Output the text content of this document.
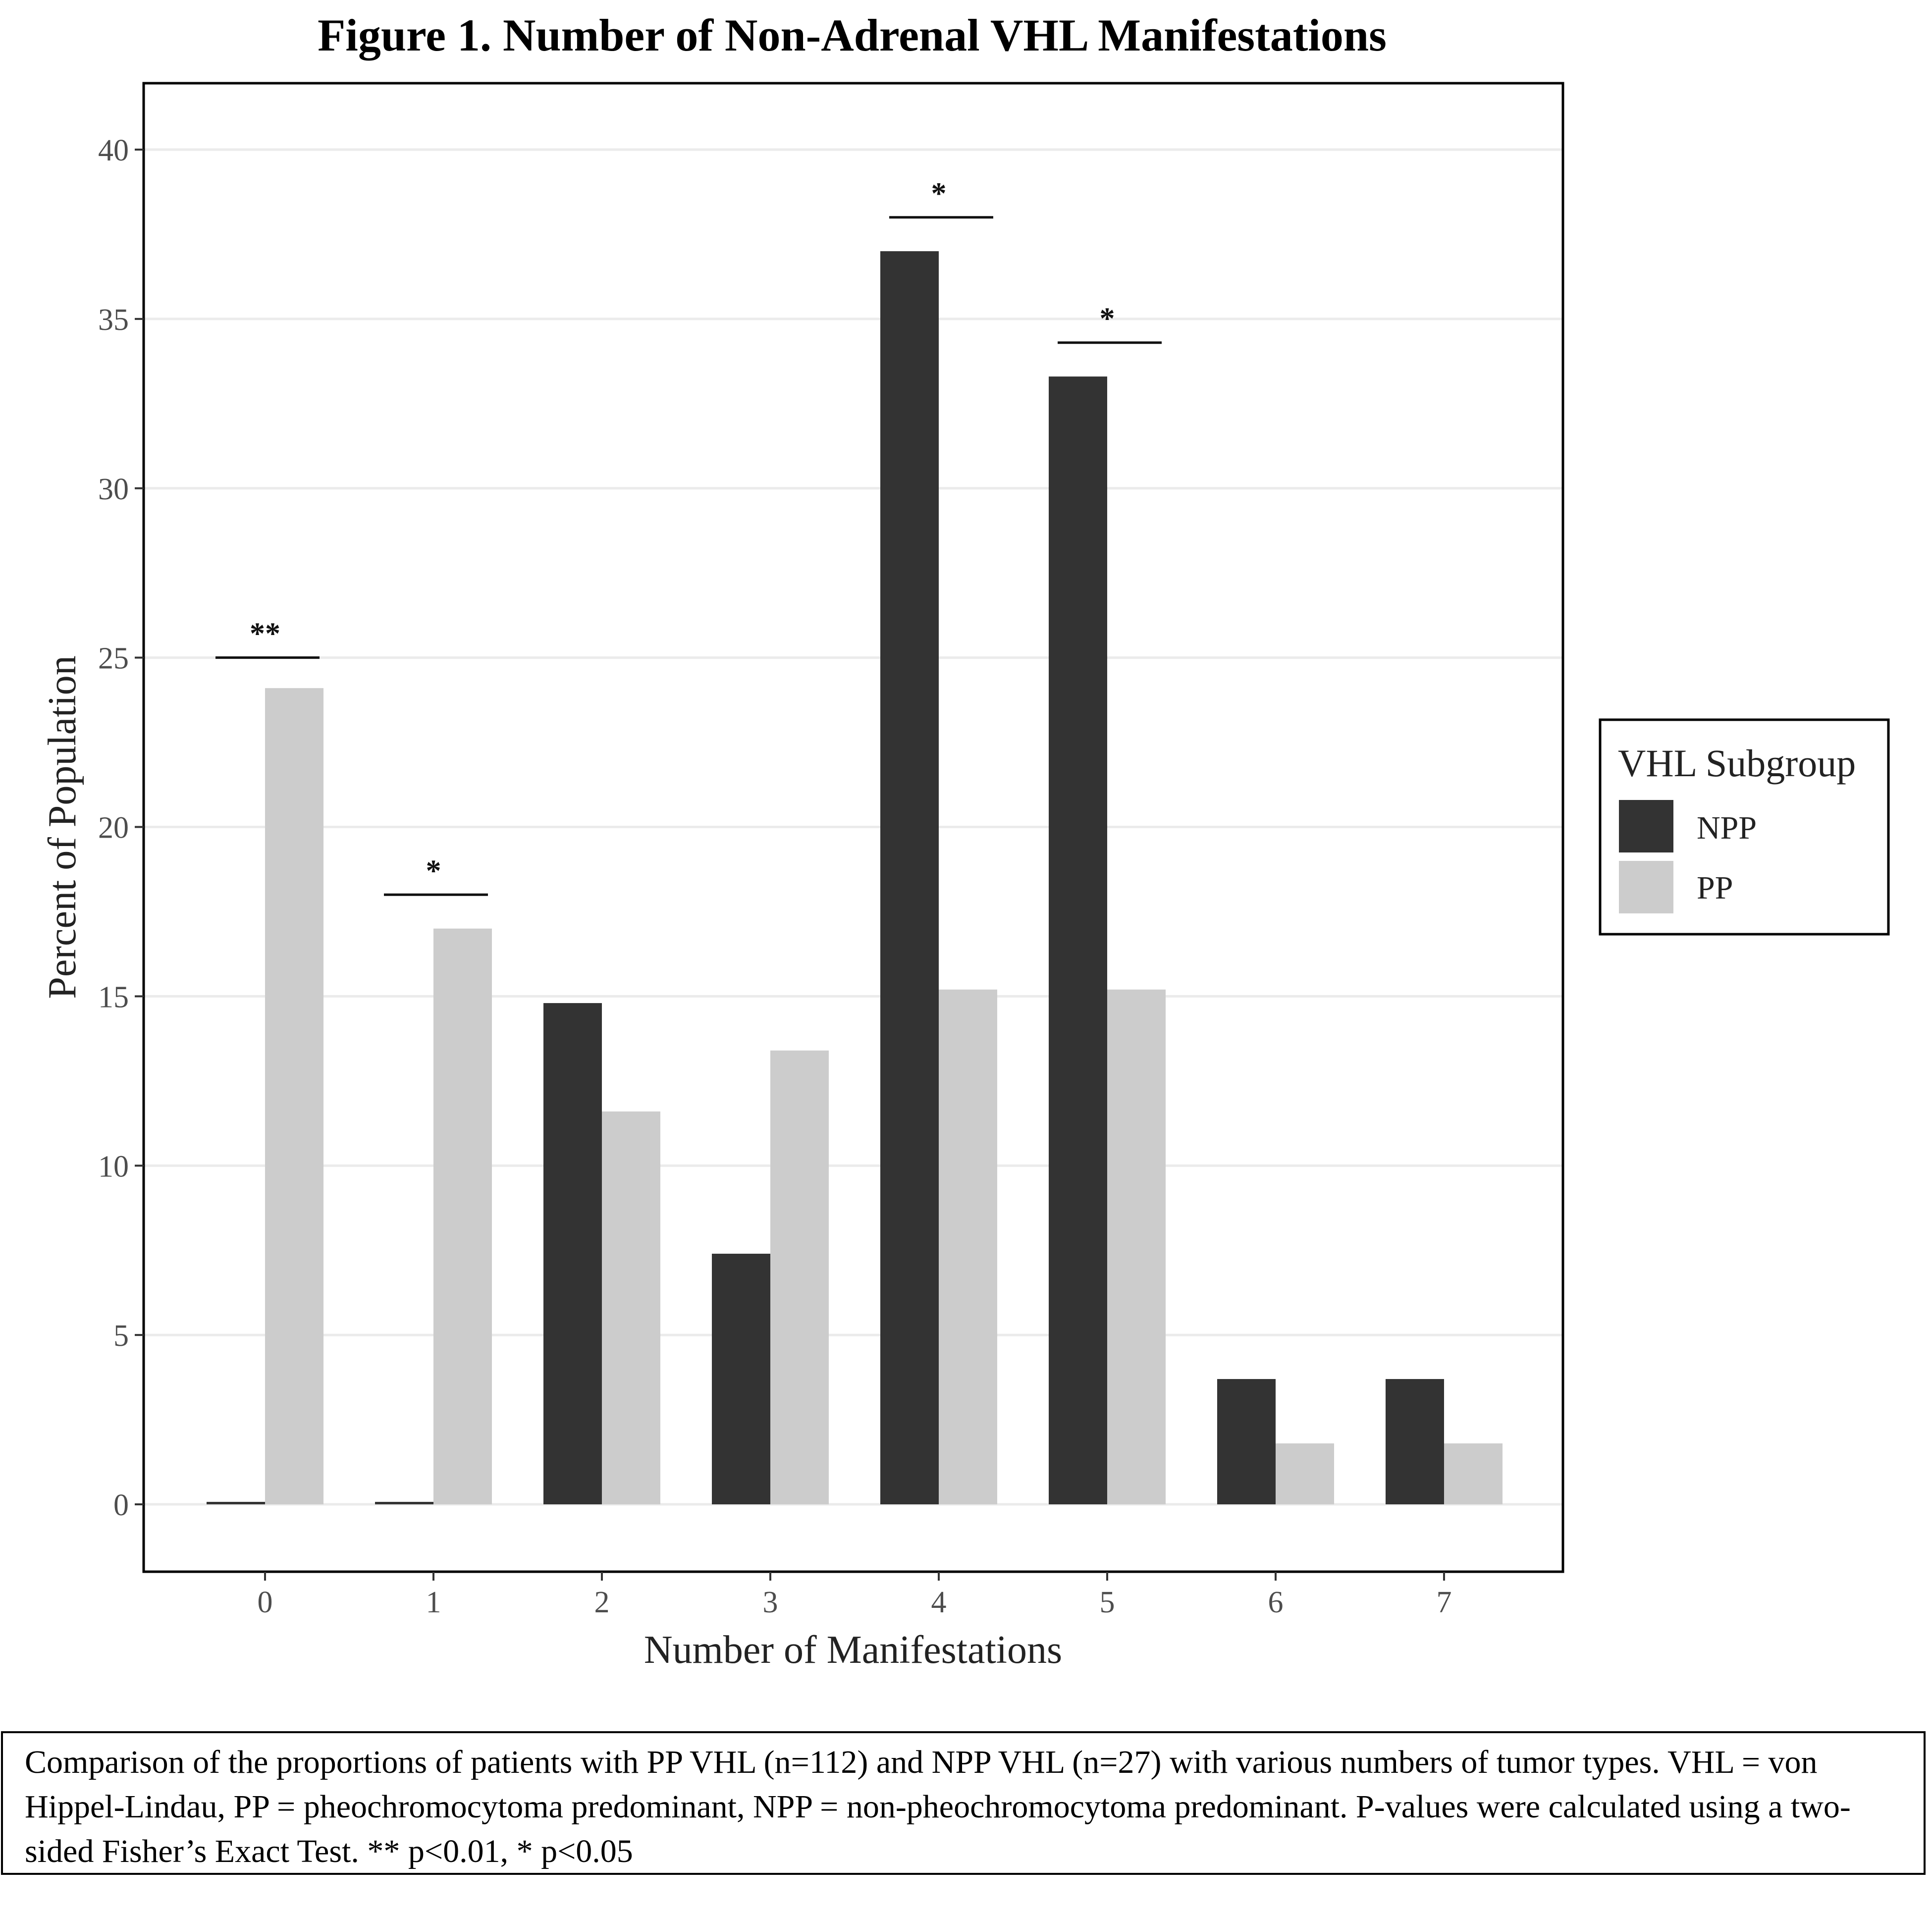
Figure 1. Number of Non-Adrenal VHL Manifestations
**
*
*
*
0
5
10
15
20
25
30
35
40
0	1	2	3	4	5	6	7
Number of Manifestations
Percent of Population	VHL Subgroup
NPP
PP
Comparison of the proportions of patients with PP VHL (n=112) and NPP VHL (n=27) with various numbers of tumor types. VHL = von Hippel-Lindau, PP = pheochromocytoma predominant, NPP = non-pheochromocytoma predominant. P-values were calculated using a two-sided Fisher’s Exact Test. ** p<0.01, * p<0.05
